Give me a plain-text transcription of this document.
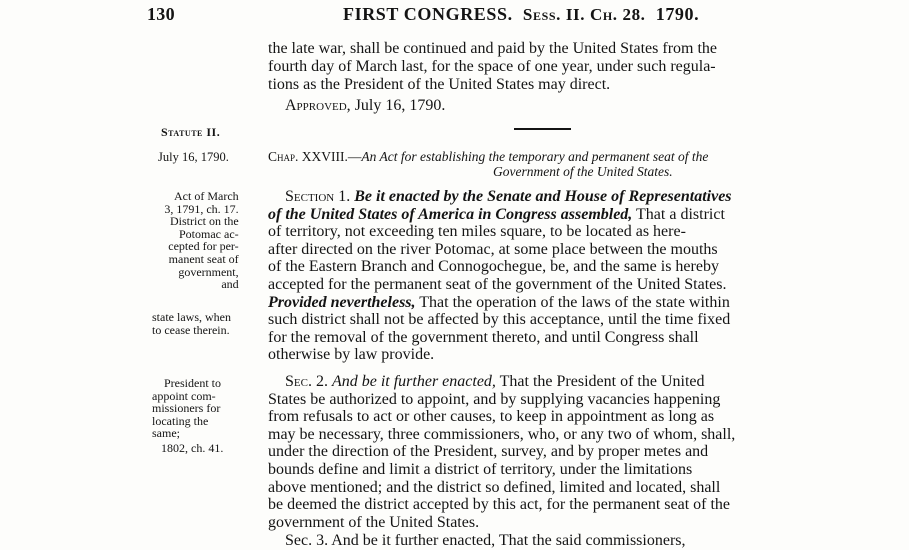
130	FIRST CONGRESS. Sess. II. Ch. 28. 1790.
the late war, shall be continued and paid by the United States from the
fourth day of March last, for the space of one year, under such regula-
tions as the President of the United States may direct.
Approved, July 16, 1790.
Statute II.
July 16, 1790.	Chap. XXVIII.—An Act for establishing the temporary and permanent seat of the
Government of the United States.
Act of March
3, 1791, ch. 17.
District on the
Potomac ac-
cepted for per-
manent seat of
government,
and
state laws, when
to cease therein.
President to
appoint com-
missioners for
locating the
same;
1802, ch. 41.
Section 1. Be it enacted by the Senate and House of Representatives
of the United States of America in Congress assembled, That a district
of territory, not exceeding ten miles square, to be located as here-
after directed on the river Potomac, at some place between the mouths
of the Eastern Branch and Connogochegue, be, and the same is hereby
accepted for the permanent seat of the government of the United States.
Provided nevertheless, That the operation of the laws of the state within
such district shall not be affected by this acceptance, until the time fixed
for the removal of the government thereto, and until Congress shall
otherwise by law provide.
Sec. 2. And be it further enacted, That the President of the United
States be authorized to appoint, and by supplying vacancies happening
from refusals to act or other causes, to keep in appointment as long as
may be necessary, three commissioners, who, or any two of whom, shall,
under the direction of the President, survey, and by proper metes and
bounds define and limit a district of territory, under the limitations
above mentioned; and the district so defined, limited and located, shall
be deemed the district accepted by this act, for the permanent seat of the
government of the United States.
Sec. 3. And be it further enacted, That the said commissioners,
